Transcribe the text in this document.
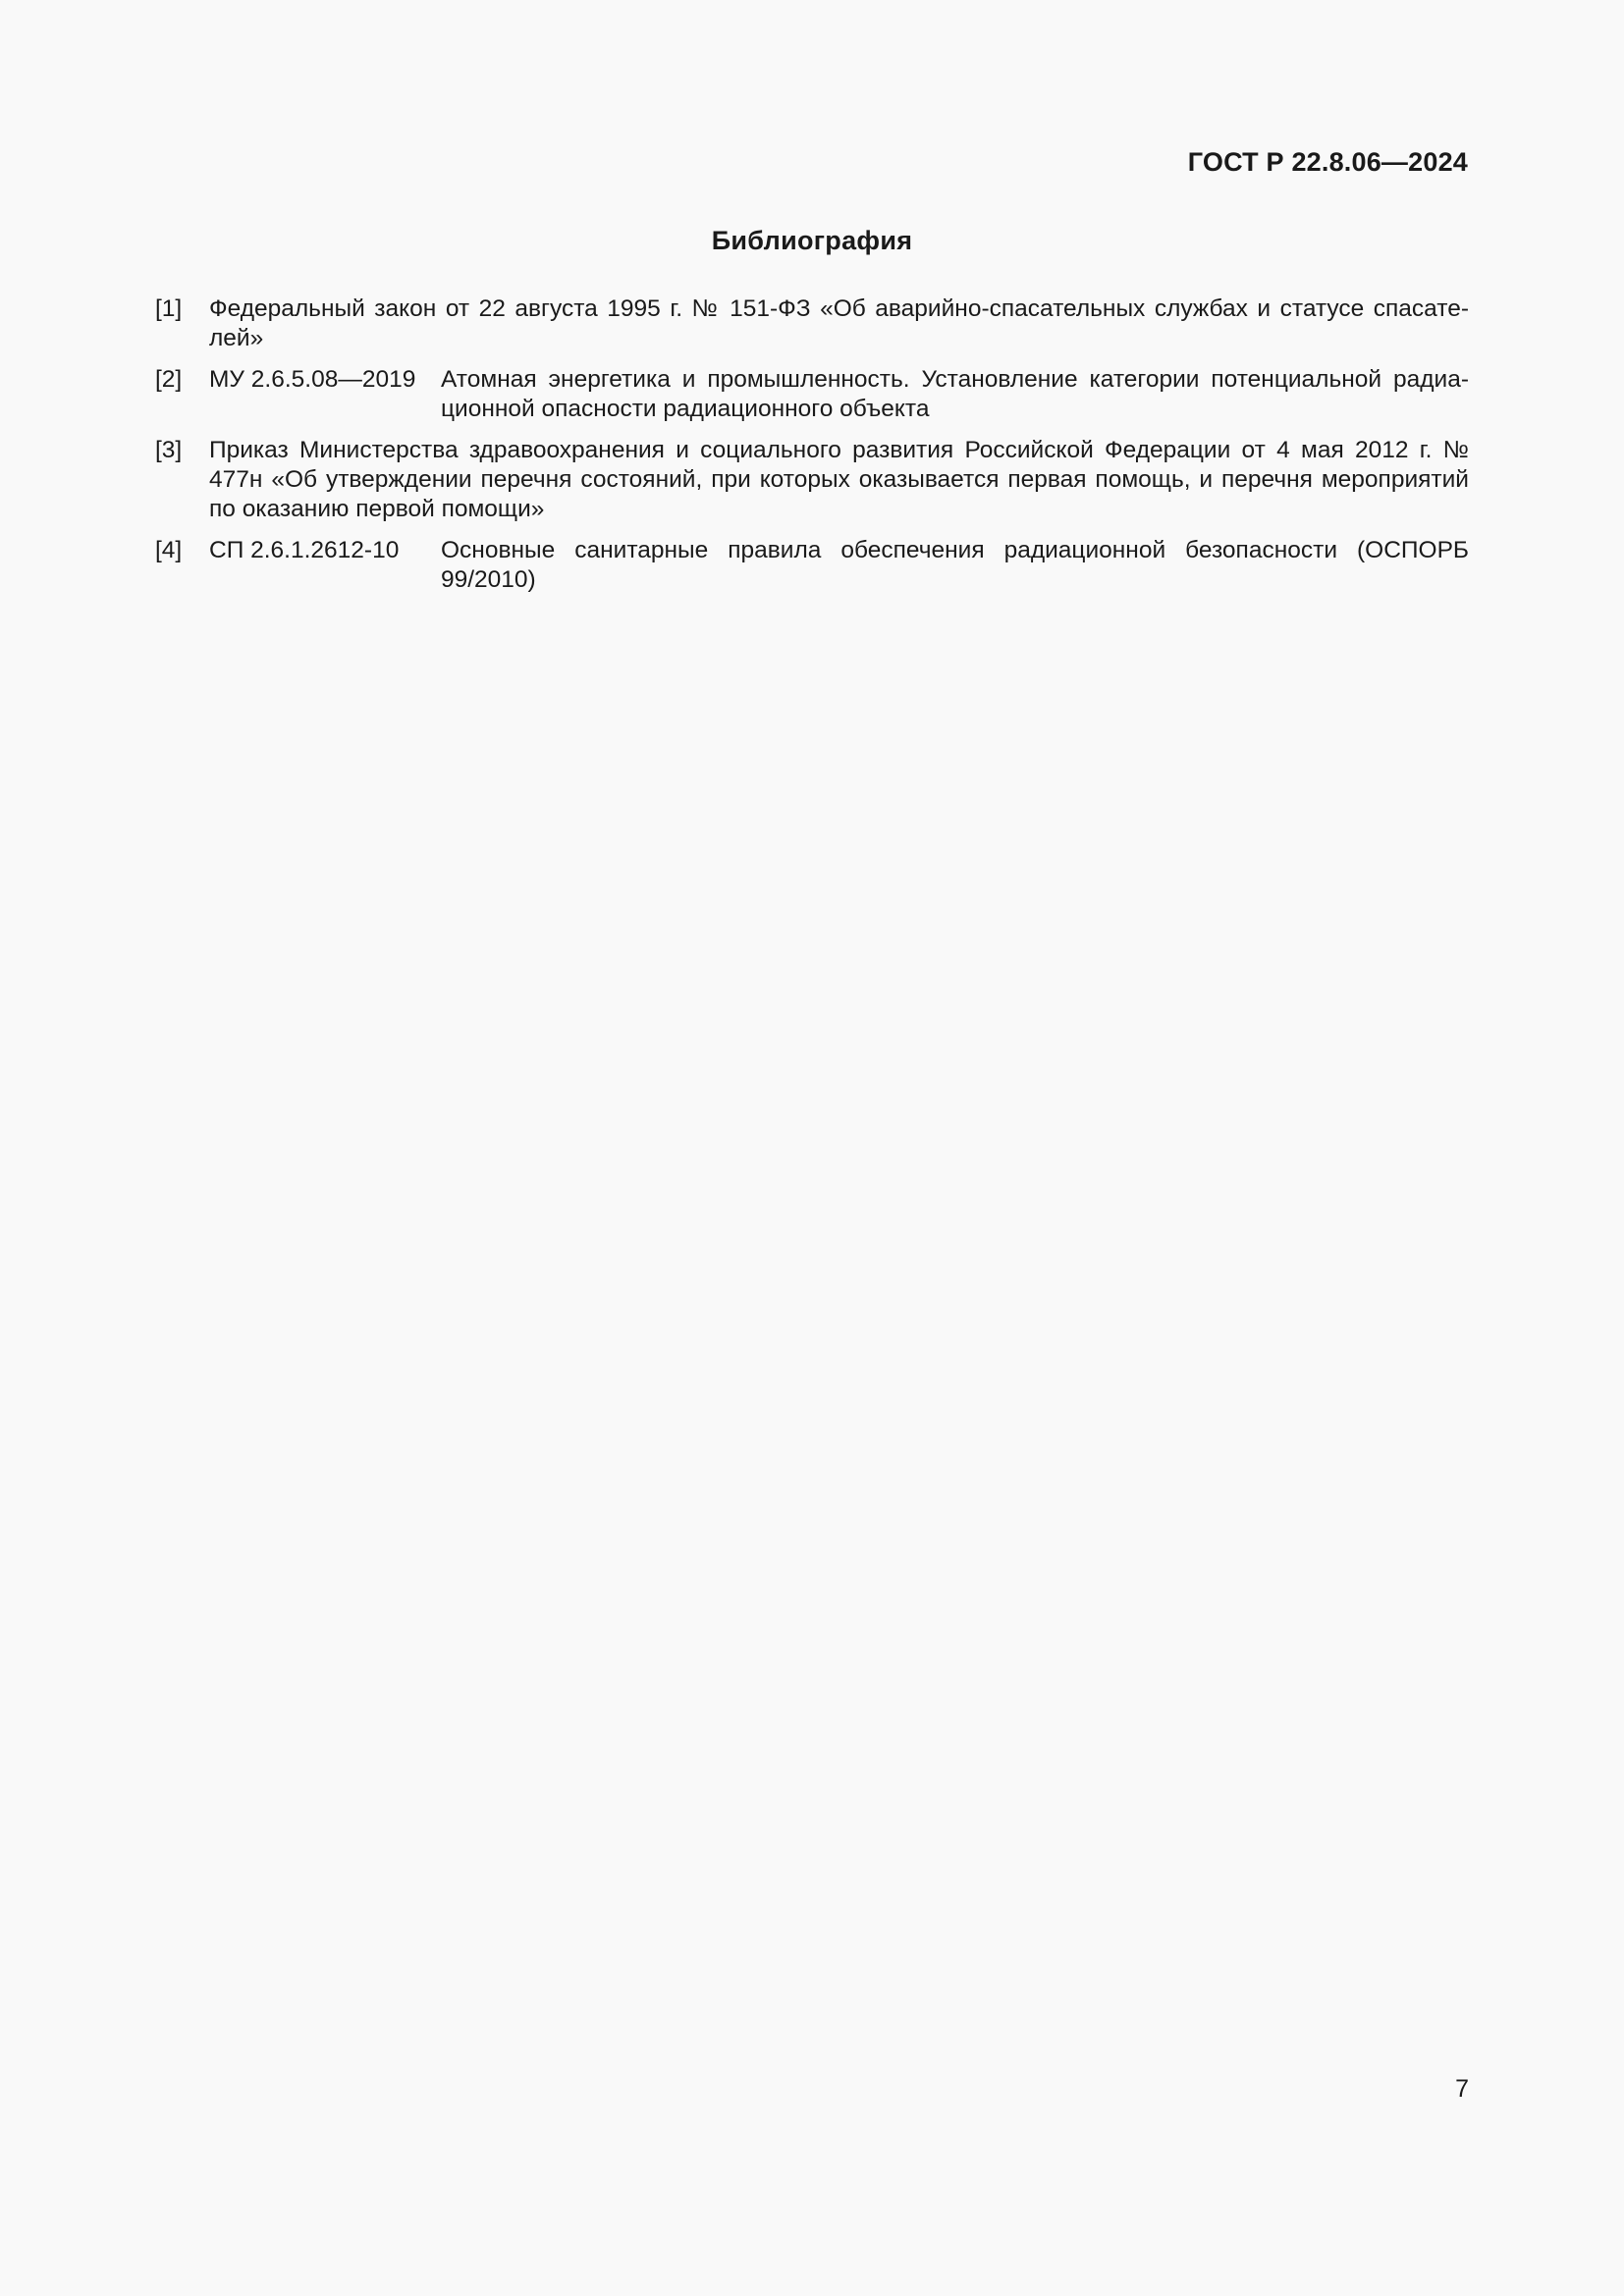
ГОСТ Р 22.8.06—2024
Библиография
[1] Федеральный закон от 22 августа 1995 г. № 151-ФЗ «Об аварийно-спасательных службах и статусе спасателей»
[2] МУ 2.6.5.08—2019 Атомная энергетика и промышленность. Установление категории потенциальной радиационной опасности радиационного объекта
[3] Приказ Министерства здравоохранения и социального развития Российской Федерации от 4 мая 2012 г. № 477н «Об утверждении перечня состояний, при которых оказывается первая помощь, и перечня мероприятий по оказанию первой помощи»
[4] СП 2.6.1.2612-10 Основные санитарные правила обеспечения радиационной безопасности (ОСПОРБ 99/2010)
7
